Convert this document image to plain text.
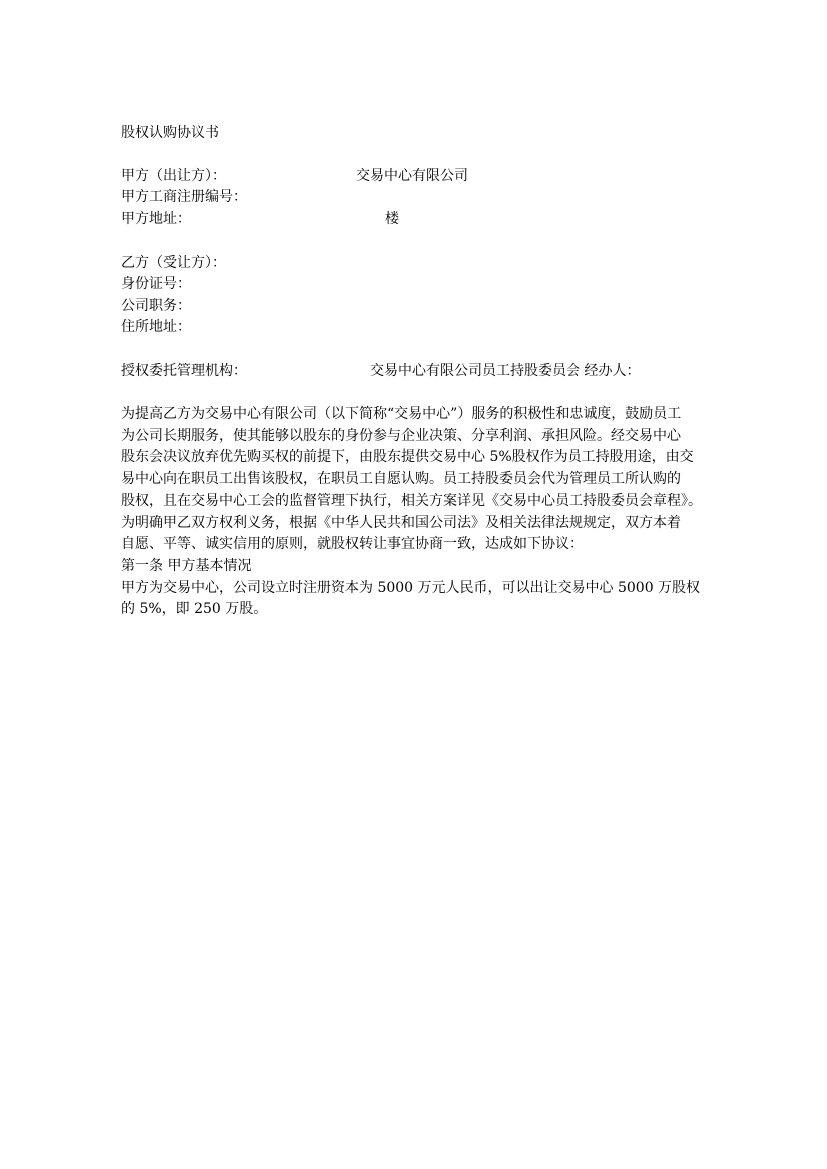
股权认购协议书
甲方（出让方）：	交易中心有限公司
甲方工商注册编号：
甲方地址：	楼
乙方（受让方）：
身份证号：
公司职务：
住所地址：
授权委托管理机构：	交易中心有限公司员工持股委员会 经办人：
为提高乙方为交易中心有限公司（以下简称“交易中心”）服务的积极性和忠诚度，鼓励员工
为公司长期服务，使其能够以股东的身份参与企业决策、分享利润、承担风险。经交易中心
股东会决议放弃优先购买权的前提下，由股东提供交易中心 5%股权作为员工持股用途，由交
易中心向在职员工出售该股权，在职员工自愿认购。员工持股委员会代为管理员工所认购的
股权，且在交易中心工会的监督管理下执行，相关方案详见《交易中心员工持股委员会章程》。
为明确甲乙双方权利义务，根据《中华人民共和国公司法》及相关法律法规规定，双方本着
自愿、平等、诚实信用的原则，就股权转让事宜协商一致，达成如下协议：
第一条 甲方基本情况
甲方为交易中心，公司设立时注册资本为 5000 万元人民币，可以出让交易中心 5000 万股权
的 5%，即 250 万股。
